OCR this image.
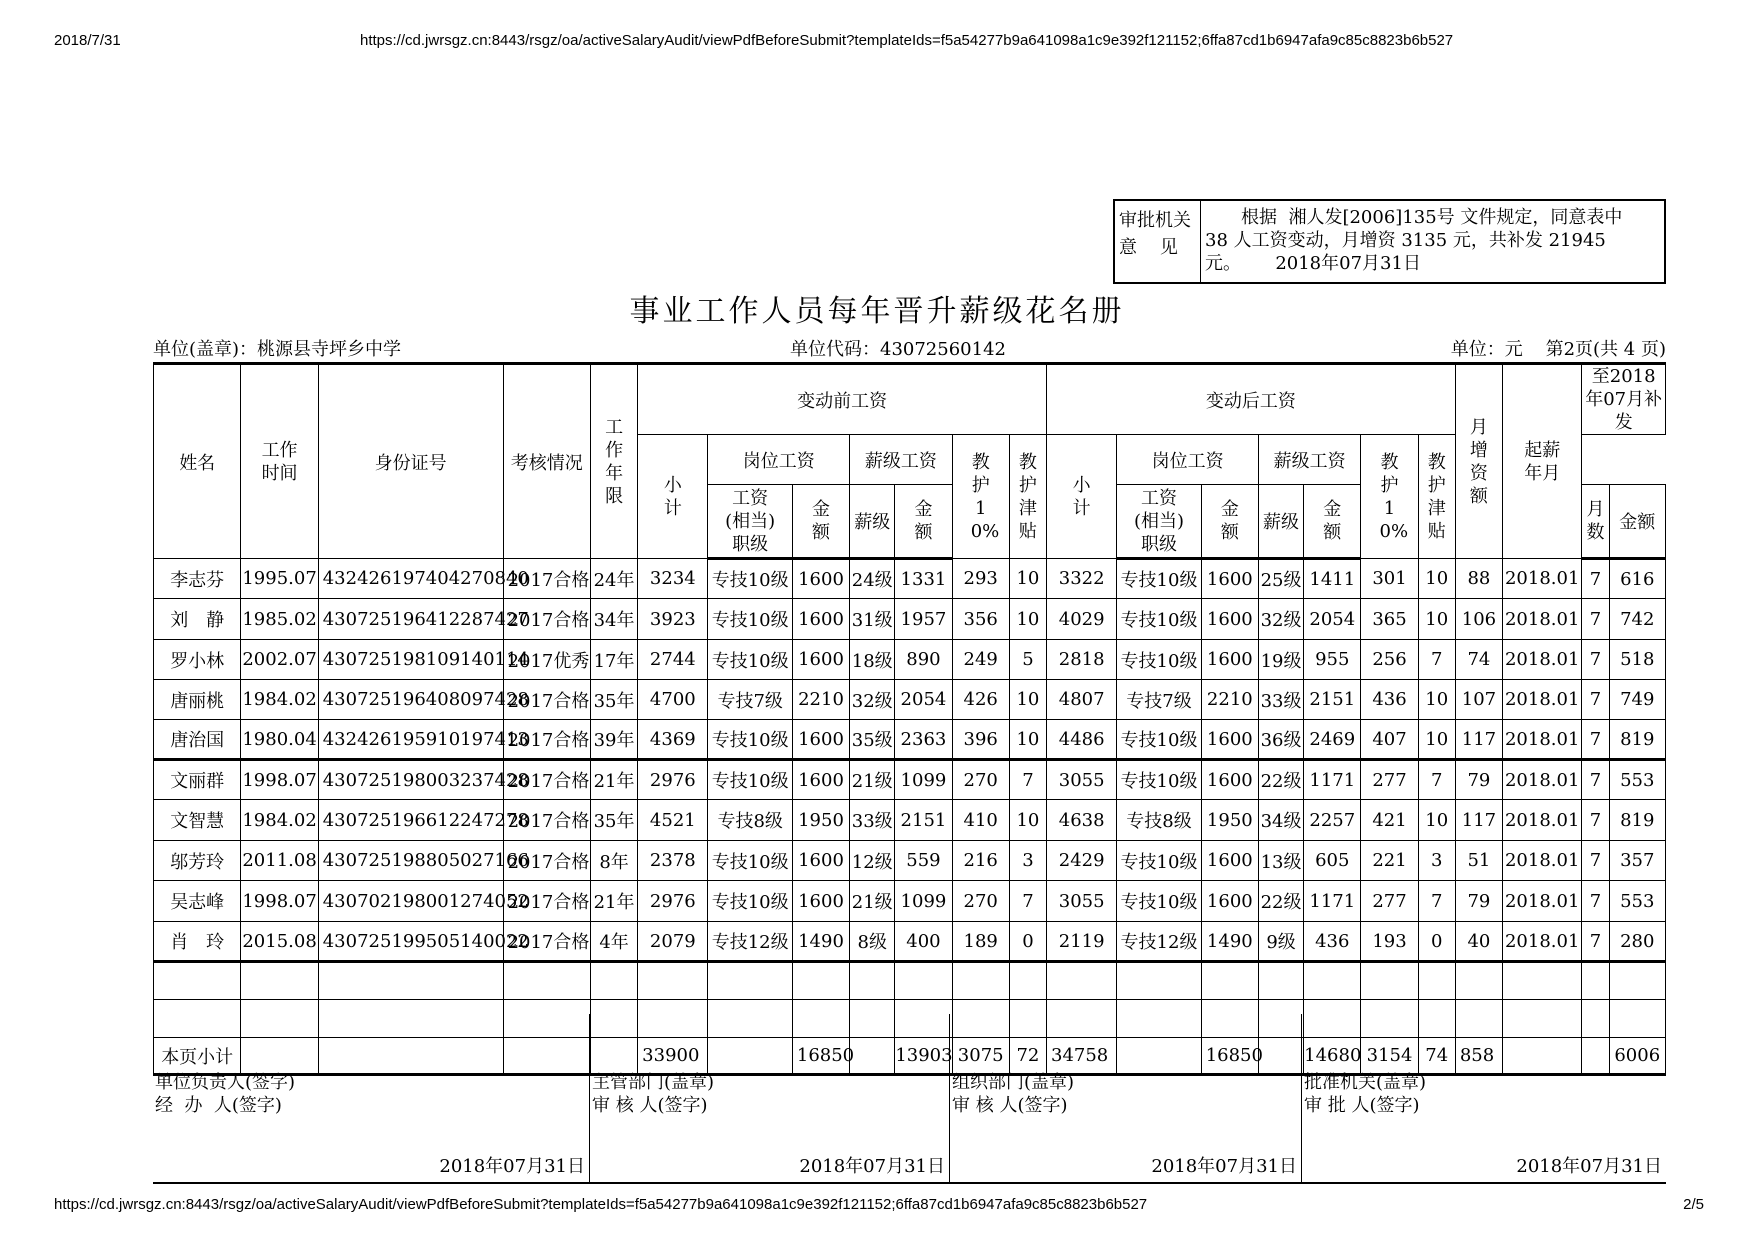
2018/7/31	https://cd.jwrsgz.cn:8443/rsgz/oa/activeSalaryAudit/viewPdfBeforeSubmit?templateIds=f5a54277b9a641098a1c9e392f121152;6ffa87cd1b6947afa9c85c8823b6b527
审批机关
意    见
根据  湘人发[2006]135号 文件规定，同意表中
38 人工资变动，月增资 3135 元，共补发 21945
元。      2018年07月31日
事业工作人员每年晋升薪级花名册
单位(盖章)：桃源县寺坪乡中学	单位代码：43072560142	单位：元    第2页(共 4 页)
姓名	工作时间	身份证号	考核情况	工作年限	变动前工资							变动后工资							月增资额	起薪年月	至2018年07月补发	
					小计	岗位工资		薪级工资		教护10%	教护津贴	小计	岗位工资		薪级工资		教护10%	教护津贴				
						工资(相当)职级	金额	薪级	金额				工资(相当)职级	金额	薪级	金额					月数	金额
李志芬	1995.07	432426197404270840	2017合格	24年	3234	专技10级	1600	24级	1331	293	10	3322	专技10级	1600	25级	1411	301	10	88	2018.01	7	616
刘　静	1985.02	430725196412287427	2017合格	34年	3923	专技10级	1600	31级	1957	356	10	4029	专技10级	1600	32级	2054	365	10	106	2018.01	7	742
罗小林	2002.07	430725198109140114	2017优秀	17年	2744	专技10级	1600	18级	890	249	5	2818	专技10级	1600	19级	955	256	7	74	2018.01	7	518
唐丽桃	1984.02	430725196408097428	2017合格	35年	4700	专技7级	2210	32级	2054	426	10	4807	专技7级	2210	33级	2151	436	10	107	2018.01	7	749
唐治国	1980.04	432426195910197413	2017合格	39年	4369	专技10级	1600	35级	2363	396	10	4486	专技10级	1600	36级	2469	407	10	117	2018.01	7	819
文丽群	1998.07	430725198003237428	2017合格	21年	2976	专技10级	1600	21级	1099	270	7	3055	专技10级	1600	22级	1171	277	7	79	2018.01	7	553
文智慧	1984.02	430725196612247278	2017合格	35年	4521	专技8级	1950	33级	2151	410	10	4638	专技8级	1950	34级	2257	421	10	117	2018.01	7	819
邬芳玲	2011.08	430725198805027166	2017合格	8年	2378	专技10级	1600	12级	559	216	3	2429	专技10级	1600	13级	605	221	3	51	2018.01	7	357
吴志峰	1998.07	430702198001274052	2017合格	21年	2976	专技10级	1600	21级	1099	270	7	3055	专技10级	1600	22级	1171	277	7	79	2018.01	7	553
肖　玲	2015.08	430725199505140022	2017合格	4年	2079	专技12级	1490	8级	400	189	0	2119	专技12级	1490	9级	436	193	0	40	2018.01	7	280

本页小计					33900		16850		13903	3075	72	34758		16850		14680	3154	74	858			6006
单位负责人(签字)
经  办  人(签字)
2018年07月31日
主管部门(盖章)
审 核 人(签字)
2018年07月31日
组织部门(盖章)
审 核 人(签字)
2018年07月31日
批准机关(盖章)
审 批 人(签字)
2018年07月31日
https://cd.jwrsgz.cn:8443/rsgz/oa/activeSalaryAudit/viewPdfBeforeSubmit?templateIds=f5a54277b9a641098a1c9e392f121152;6ffa87cd1b6947afa9c85c8823b6b527	2/5
